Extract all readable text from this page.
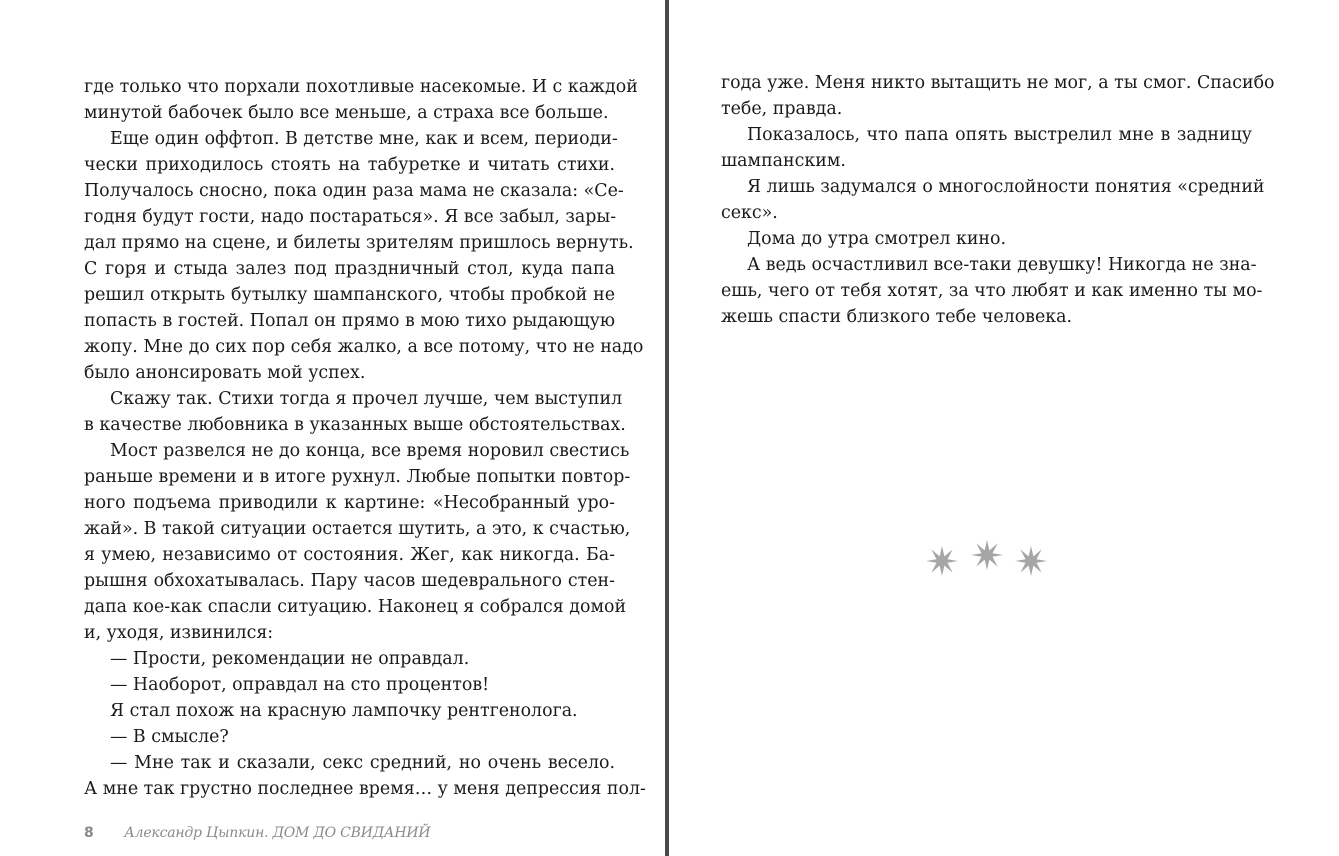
где только что порхали похотливые насекомые. И с каждой
минутой бабочек было все меньше, а страха все больше.
Еще один оффтоп. В детстве мне, как и всем, периоди-
чески приходилось стоять на табуретке и читать стихи.
Получалось сносно, пока один раза мама не сказала: «Се-
годня будут гости, надо постараться». Я все забыл, зары-
дал прямо на сцене, и билеты зрителям пришлось вернуть.
С горя и стыда залез под праздничный стол, куда папа
решил открыть бутылку шампанского, чтобы пробкой не
попасть в гостей. Попал он прямо в мою тихо рыдающую
жопу. Мне до сих пор себя жалко, а все потому, что не надо
было анонсировать мой успех.
Скажу так. Стихи тогда я прочел лучше, чем выступил
в качестве любовника в указанных выше обстоятельствах.
Мост развелся не до конца, все время норовил свестись
раньше времени и в итоге рухнул. Любые попытки повтор-
ного подъема приводили к картине: «Несобранный уро-
жай». В такой ситуации остается шутить, а это, к счастью,
я умею, независимо от состояния. Жег, как никогда. Ба-
рышня обхохатывалась. Пару часов шедеврального стен-
дапа кое-как спасли ситуацию. Наконец я собрался домой
и, уходя, извинился:
— Прости, рекомендации не оправдал.
— Наоборот, оправдал на сто процентов!
Я стал похож на красную лампочку рентгенолога.
— В смысле?
— Мне так и сказали, секс средний, но очень весело.
А мне так грустно последнее время… у меня депрессия пол-
8 Александр Цыпкин. ДОМ ДО СВИДАНИЙ
года уже. Меня никто вытащить не мог, а ты смог. Спасибо
тебе, правда.
Показалось, что папа опять выстрелил мне в задницу
шампанским.
Я лишь задумался о многослойности понятия «средний
секс».
Дома до утра смотрел кино.
А ведь осчастливил все-таки девушку! Никогда не зна-
ешь, чего от тебя хотят, за что любят и как именно ты мо-
жешь спасти близкого тебе человека.
